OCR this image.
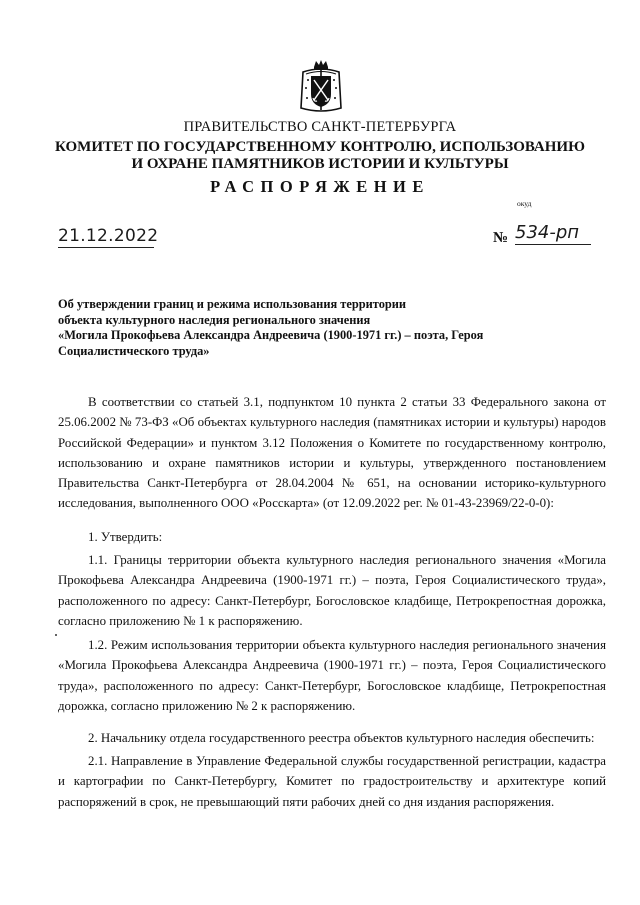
ПРАВИТЕЛЬСТВО САНКТ-ПЕТЕРБУРГА
КОМИТЕТ ПО ГОСУДАРСТВЕННОМУ КОНТРОЛЮ, ИСПОЛЬЗОВАНИЮ
И ОХРАНЕ ПАМЯТНИКОВ ИСТОРИИ И КУЛЬТУРЫ
РАСПОРЯЖЕНИЕ
окуд
21.12.2022	№ 534-рп
Об утверждении границ и режима использования территории
объекта культурного наследия регионального значения
«Могила Прокофьева Александра Андреевича (1900-1971 гг.) – поэта, Героя
Социалистического труда»

В соответствии со статьей 3.1, подпунктом 10 пункта 2 статьи 33 Федерального закона от 25.06.2002 № 73-ФЗ «Об объектах культурного наследия (памятниках истории и культуры) народов Российской Федерации» и пунктом 3.12 Положения о Комитете по государственному контролю, использованию и охране памятников истории и культуры, утвержденного постановлением Правительства Санкт-Петербурга от 28.04.2004 № 651, на основании историко-культурного исследования, выполненного ООО «Росскарта» (от 12.09.2022 рег. № 01-43-23969/22-0-0):

1. Утвердить:

1.1. Границы территории объекта культурного наследия регионального значения «Могила Прокофьева Александра Андреевича (1900-1971 гг.) – поэта, Героя Социалистического труда», расположенного по адресу: Санкт-Петербург, Богословское кладбище, Петрокрепостная дорожка, согласно приложению № 1 к распоряжению.

1.2. Режим использования территории объекта культурного наследия регионального значения «Могила Прокофьева Александра Андреевича (1900-1971 гг.) – поэта, Героя Социалистического труда», расположенного по адресу: Санкт-Петербург, Богословское кладбище, Петрокрепостная дорожка, согласно приложению № 2 к распоряжению.

2. Начальнику отдела государственного реестра объектов культурного наследия обеспечить:

2.1. Направление в Управление Федеральной службы государственной регистрации, кадастра и картографии по Санкт-Петербургу, Комитет по градостроительству и архитектуре копий распоряжений в срок, не превышающий пяти рабочих дней со дня издания распоряжения.
